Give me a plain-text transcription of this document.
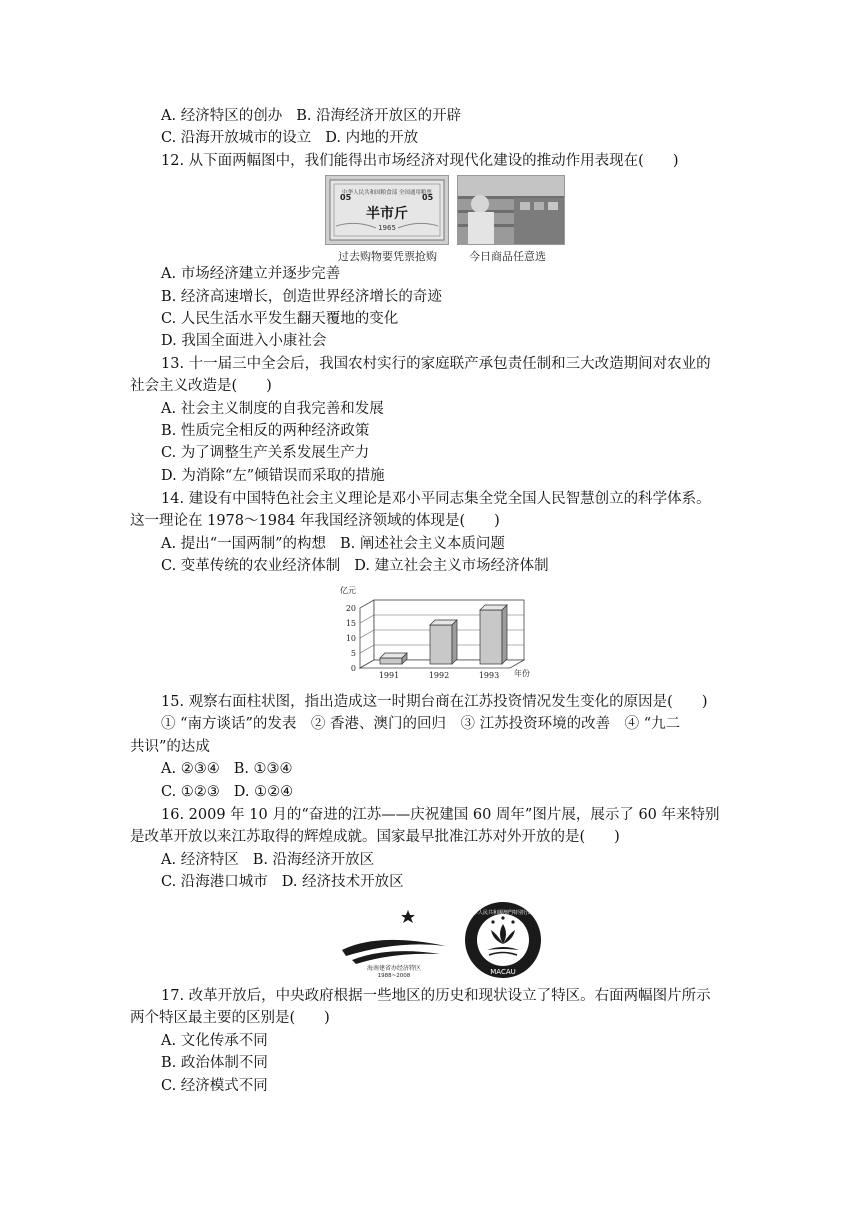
A. 经济特区的创办 B. 沿海经济开放区的开辟
C. 沿海开放城市的设立 D. 内地的开放
12. 从下面两幅图中，我们能得出市场经济对现代化建设的推动作用表现在(　　)
中华人民共和国粮食部 全国通用粮票
05	05
半市斤
1965
过去购物要凭票抢购	今日商品任意选
A. 市场经济建立并逐步完善
B. 经济高速增长，创造世界经济增长的奇迹
C. 人民生活水平发生翻天覆地的变化
D. 我国全面进入小康社会
13. 十一届三中全会后，我国农村实行的家庭联产承包责任制和三大改造期间对农业的
社会主义改造是(　　)
A. 社会主义制度的自我完善和发展
B. 性质完全相反的两种经济政策
C. 为了调整生产关系发展生产力
D. 为消除“左”倾错误而采取的措施
14. 建设有中国特色社会主义理论是邓小平同志集全党全国人民智慧创立的科学体系。
这一理论在 1978～1984 年我国经济领域的体现是(　　)
A. 提出“一国两制”的构想 B. 阐述社会主义本质问题
C. 变革传统的农业经济体制 D. 建立社会主义市场经济体制
0
5
10
15
20
亿元
年份
1991	1992	1993
15. 观察右面柱状图，指出造成这一时期台商在江苏投资情况发生变化的原因是(　　)
① “南方谈话”的发表　② 香港、澳门的回归　③ 江苏投资环境的改善　④ “九二
共识”的达成
A. ②③④ B. ①③④
C. ①②③ D. ①②④
16. 2009 年 10 月的“奋进的江苏——庆祝建国 60 周年”图片展，展示了 60 年来特别
是改革开放以来江苏取得的辉煌成就。国家最早批准江苏对外开放的是(　　)
A. 经济特区 B. 沿海经济开放区
C. 沿海港口城市 D. 经济技术开放区
海南建省办经济特区
1988~2008
中華人民共和國澳門特別行政區
MACAU
17. 改革开放后，中央政府根据一些地区的历史和现状设立了特区。右面两幅图片所示
两个特区最主要的区别是(　　)
A. 文化传承不同
B. 政治体制不同
C. 经济模式不同
